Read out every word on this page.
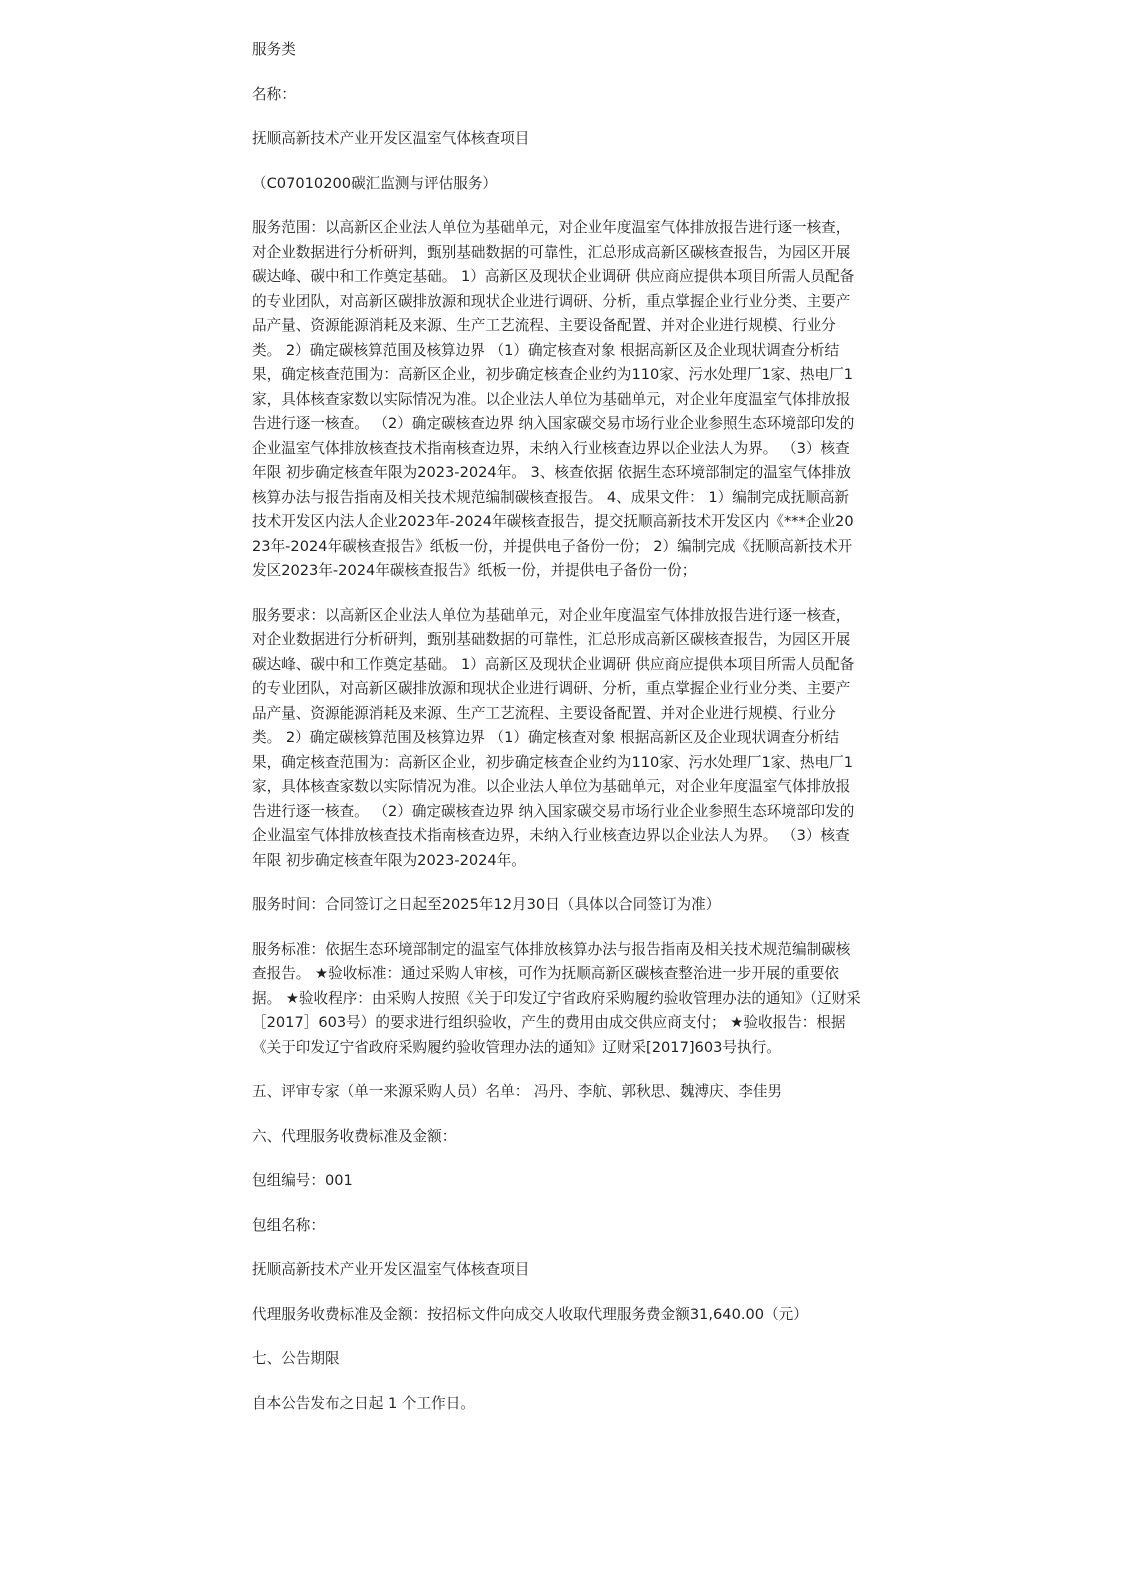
服务类

名称：

抚顺高新技术产业开发区温室气体核查项目

（C07010200碳汇监测与评估服务）

服务范围：以高新区企业法人单位为基础单元，对企业年度温室气体排放报告进行逐一核查，对企业数据进行分析研判，甄别基础数据的可靠性，汇总形成高新区碳核查报告，为园区开展碳达峰、碳中和工作奠定基础。 1）高新区及现状企业调研 供应商应提供本项目所需人员配备的专业团队，对高新区碳排放源和现状企业进行调研、分析，重点掌握企业行业分类、主要产品产量、资源能源消耗及来源、生产工艺流程、主要设备配置、并对企业进行规模、行业分类。 2）确定碳核算范围及核算边界 （1）确定核查对象 根据高新区及企业现状调查分析结果，确定核查范围为：高新区企业，初步确定核查企业约为110家、污水处理厂1家、热电厂1家，具体核查家数以实际情况为准。以企业法人单位为基础单元，对企业年度温室气体排放报告进行逐一核查。 （2）确定碳核查边界 纳入国家碳交易市场行业企业参照生态环境部印发的企业温室气体排放核查技术指南核查边界，未纳入行业核查边界以企业法人为界。 （3）核查年限 初步确定核查年限为2023-2024年。 3、核查依据 依据生态环境部制定的温室气体排放核算办法与报告指南及相关技术规范编制碳核查报告。 4、成果文件： 1）编制完成抚顺高新技术开发区内法人企业2023年-2024年碳核查报告，提交抚顺高新技术开发区内《***企业2023年-2024年碳核查报告》纸板一份，并提供电子备份一份； 2）编制完成《抚顺高新技术开发区2023年-2024年碳核查报告》纸板一份，并提供电子备份一份；

服务要求：以高新区企业法人单位为基础单元，对企业年度温室气体排放报告进行逐一核查，对企业数据进行分析研判，甄别基础数据的可靠性，汇总形成高新区碳核查报告，为园区开展碳达峰、碳中和工作奠定基础。 1）高新区及现状企业调研 供应商应提供本项目所需人员配备的专业团队，对高新区碳排放源和现状企业进行调研、分析，重点掌握企业行业分类、主要产品产量、资源能源消耗及来源、生产工艺流程、主要设备配置、并对企业进行规模、行业分类。 2）确定碳核算范围及核算边界 （1）确定核查对象 根据高新区及企业现状调查分析结果，确定核查范围为：高新区企业，初步确定核查企业约为110家、污水处理厂1家、热电厂1家，具体核查家数以实际情况为准。以企业法人单位为基础单元，对企业年度温室气体排放报告进行逐一核查。 （2）确定碳核查边界 纳入国家碳交易市场行业企业参照生态环境部印发的企业温室气体排放核查技术指南核查边界，未纳入行业核查边界以企业法人为界。 （3）核查年限 初步确定核查年限为2023-2024年。

服务时间：合同签订之日起至2025年12月30日（具体以合同签订为准）

服务标准：依据生态环境部制定的温室气体排放核算办法与报告指南及相关技术规范编制碳核查报告。 ★验收标准：通过采购人审核，可作为抚顺高新区碳核查整治进一步开展的重要依据。 ★验收程序：由采购人按照《关于印发辽宁省政府采购履约验收管理办法的通知》（辽财采［2017］603号）的要求进行组织验收，产生的费用由成交供应商支付； ★验收报告：根据《关于印发辽宁省政府采购履约验收管理办法的通知》辽财采[2017]603号执行。

五、评审专家（单一来源采购人员）名单： 冯丹、李航、郭秋思、魏溥庆、李佳男

六、代理服务收费标准及金额：

包组编号：001

包组名称：

抚顺高新技术产业开发区温室气体核查项目

代理服务收费标准及金额：按招标文件向成交人收取代理服务费金额31,640.00（元）

七、公告期限

自本公告发布之日起 1 个工作日。
